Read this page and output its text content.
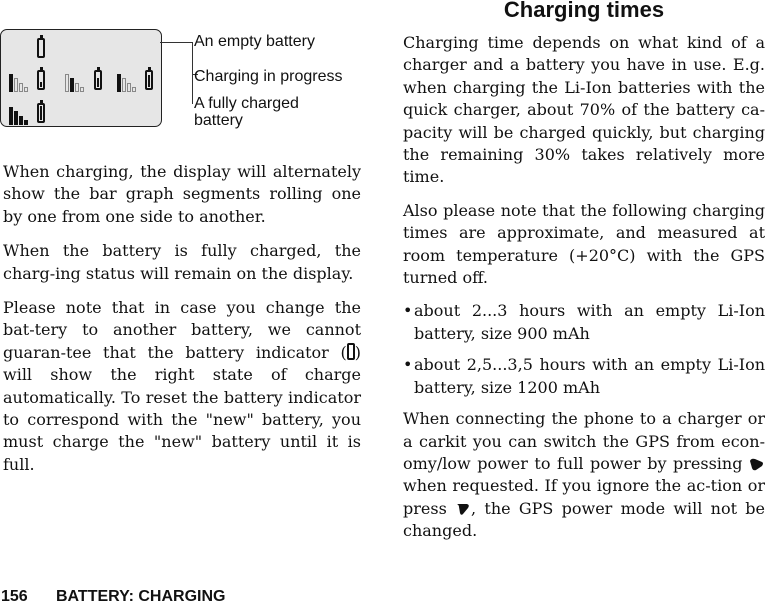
An empty battery
Charging in progress
A fully charged battery

When charging, the display will alternately show the bar graph segments rolling one by one from one side to another.

When the battery is fully charged, the charg-ing status will remain on the display.

Please note that in case you change the bat-tery to another battery, we cannot guaran-tee that the battery indicator ( ) will show the right state of charge automatically. To reset the battery indicator to correspond with the "new" battery, you must charge the "new" battery until it is full.

Charging times

Charging time depends on what kind of a charger and a battery you have in use. E.g. when charging the Li-Ion batteries with the quick charger, about 70% of the battery ca-pacity will be charged quickly, but charging the remaining 30% takes relatively more time.

Also please note that the following charging times are approximate, and measured at room temperature (+20°C) with the GPS turned off.

• about 2...3 hours with an empty Li-Ion battery, size 900 mAh
• about 2,5...3,5 hours with an empty Li-Ion battery, size 1200 mAh

When connecting the phone to a charger or a carkit you can switch the GPS from econ-omy/low power to full power by pressing  when requested. If you ignore the ac-tion or press , the GPS power mode will not be changed.

156 BATTERY: CHARGING
